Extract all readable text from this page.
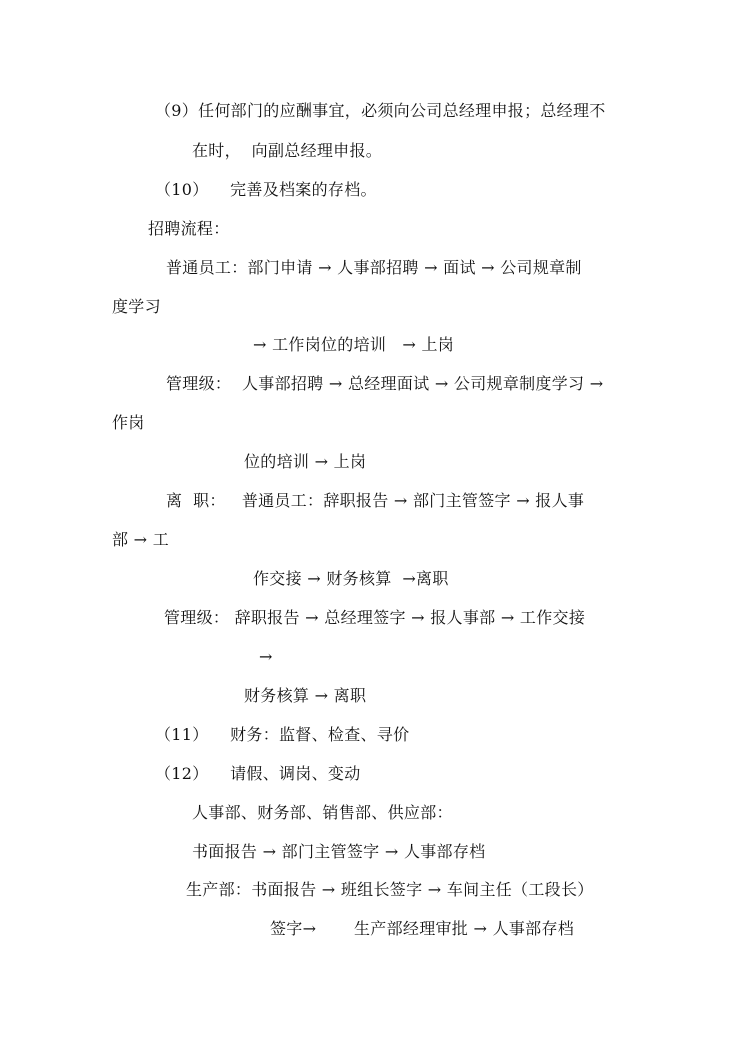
（9）任何部门的应酬事宜，必须向公司总经理申报；总经理不
在时，  向副总经理申报。
（10）    完善及档案的存档。
招聘流程：
普通员工：部门申请 → 人事部招聘 → 面试 → 公司规章制
度学习
→ 工作岗位的培训   → 上岗
管理级：  人事部招聘 → 总经理面试 → 公司规章制度学习 →
作岗
位的培训 → 上岗
离  职：   普通员工：辞职报告 → 部门主管签字 → 报人事
部 → 工
作交接 → 财务核算  →离职
管理级： 辞职报告 → 总经理签字 → 报人事部 → 工作交接
→
财务核算 → 离职
（11）    财务：监督、检查、寻价
（12）    请假、调岗、变动
人事部、财务部、销售部、供应部：
书面报告 → 部门主管签字 → 人事部存档
生产部：书面报告 → 班组长签字 → 车间主任（工段长）
签字→       生产部经理审批 → 人事部存档
